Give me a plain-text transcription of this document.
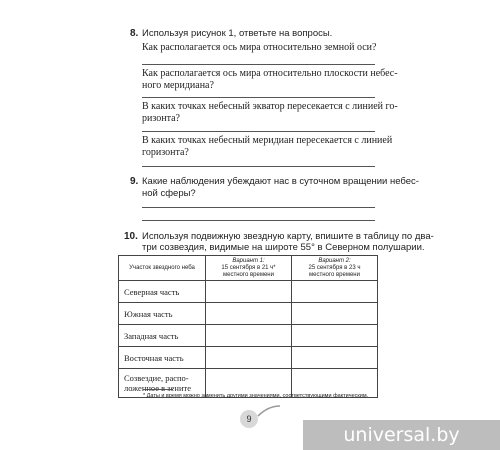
8. Используя рисунок 1, ответьте на вопросы.
Как располагается ось мира относительно земной оси?
Как располагается ось мира относительно плоскости небес-
ного меридиана?
В каких точках небесный экватор пересекается с линией го-
ризонта?
В каких точках небесный меридиан пересекается с линией
горизонта?
9. Какие наблюдения убеждают нас в суточном вращении небес-
ной сферы?
10. Используя подвижную звездную карту, впишите в таблицу по два-
три созвездия, видимые на широте 55° в Северном полушарии.
Участок звездного неба	Вариант 1:
15 сентября в 21 ч*
местного времени	Вариант 2:
25 сентября в 23 ч
местного времени

Северная часть		
Южная часть		
Западная часть		
Восточная часть		

Созвездие, распо-
ложенное в зените		

* Даты и время можно заменить другими значениями, соответствующими фактическим.
9
universal.by
